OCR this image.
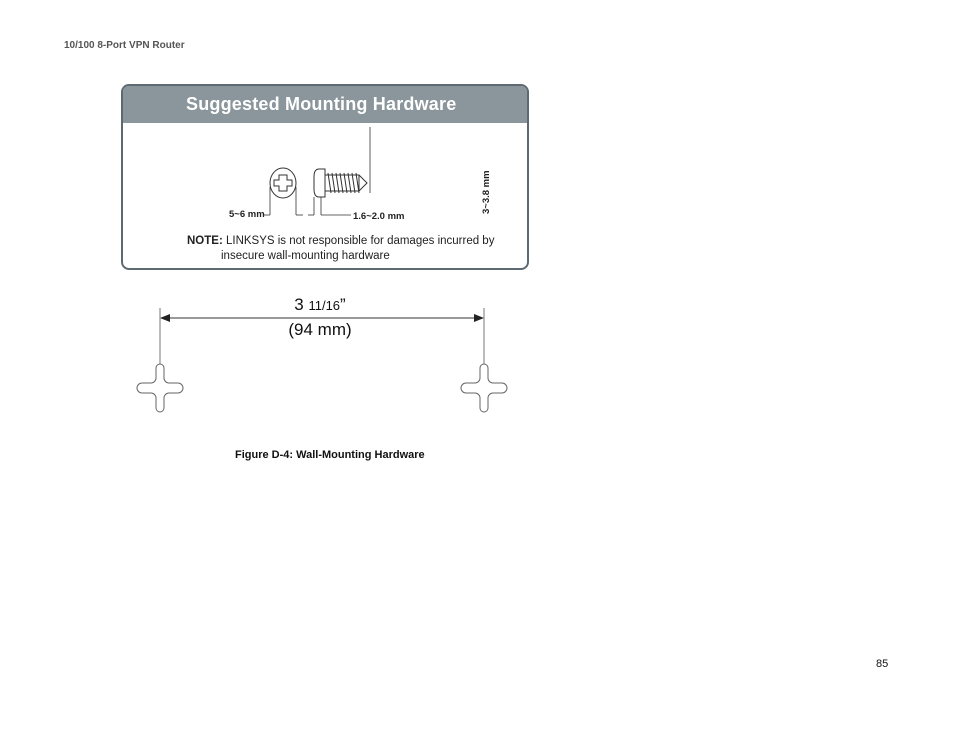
10/100 8-Port VPN Router
Suggested Mounting Hardware
5~6 mm	1.6~2.0 mm
3~3.8 mm
NOTE: LINKSYS is not responsible for damages incurred by
insecure wall-mounting hardware
3 11/16”
(94 mm)
Figure D-4: Wall-Mounting Hardware
85
